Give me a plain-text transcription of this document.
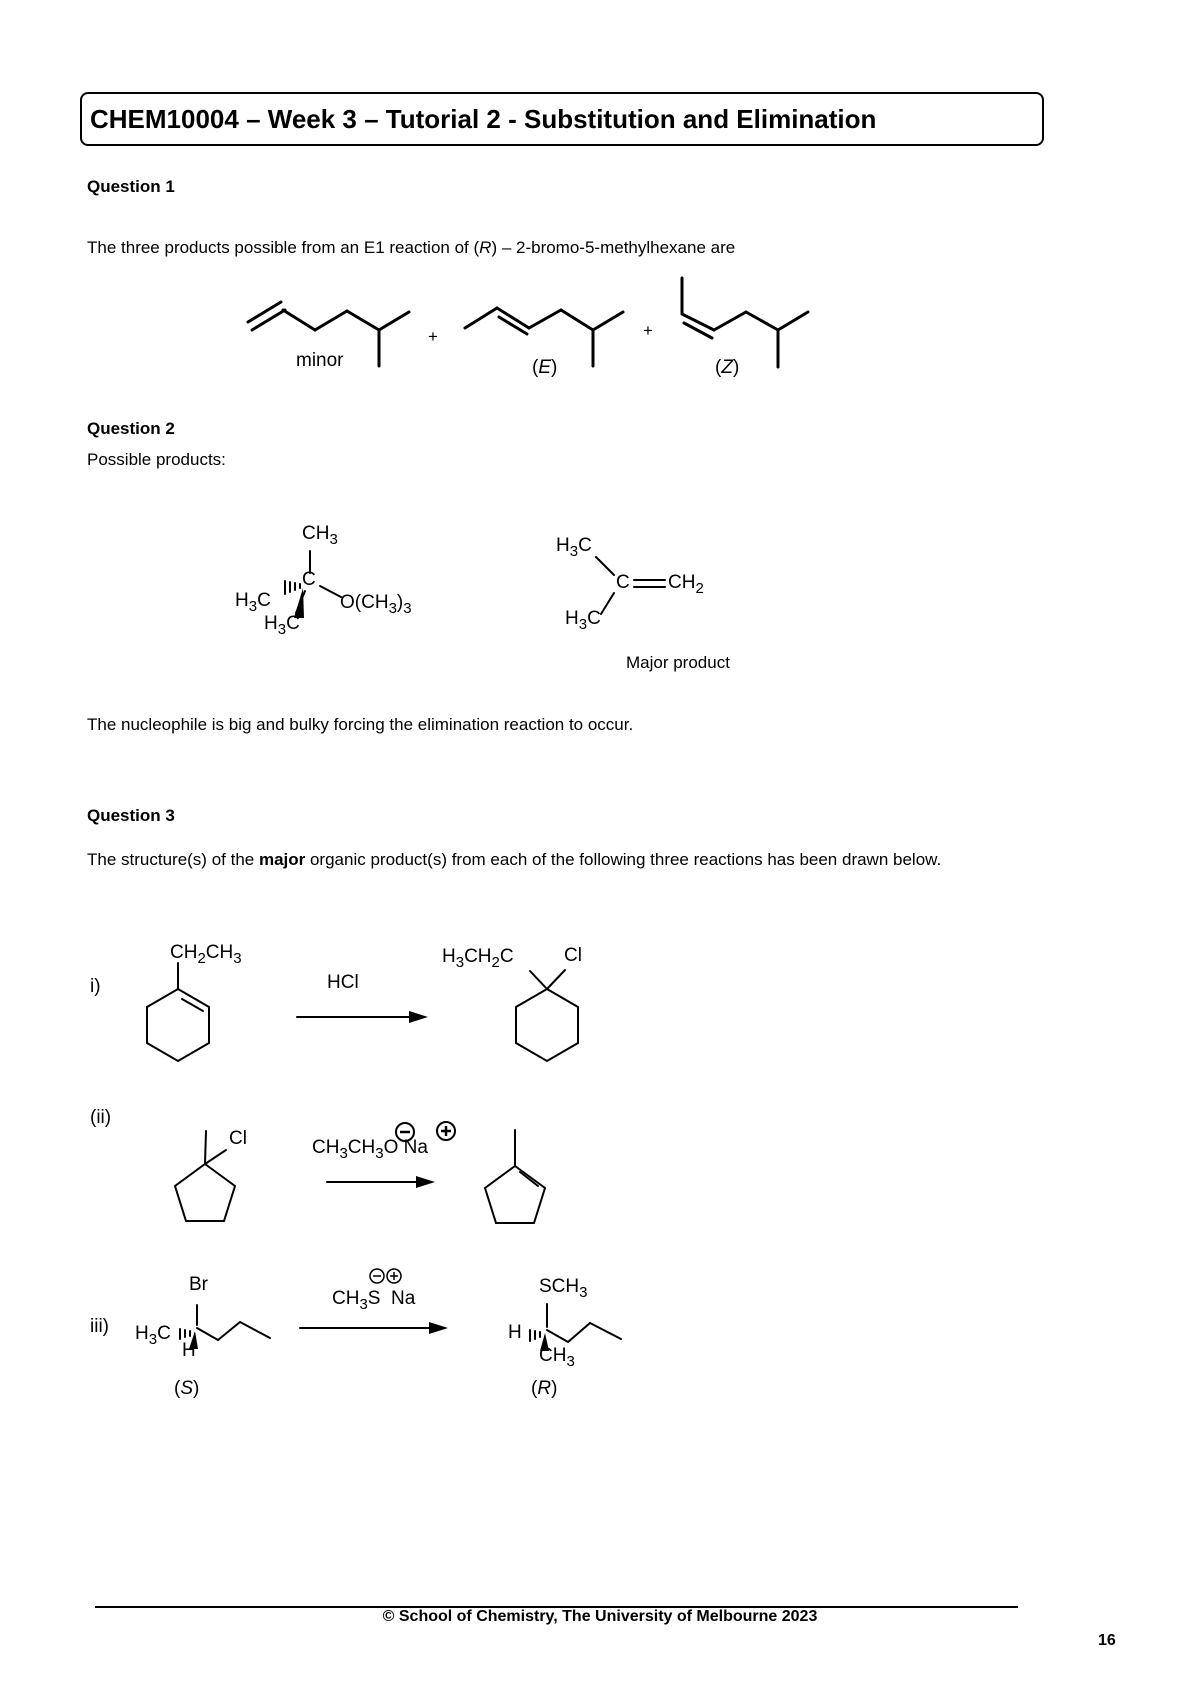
CHEM10004 – Week 3 – Tutorial 2 - Substitution and Elimination
Question 1
The three products possible from an E1 reaction of (R) – 2-bromo-5-methylhexane are
minor
+	+
(E)	(Z)
Question 2
Possible products:
$CH_3$
C
$H_3C$
$H_3C$
$O(CH_3)_3$
$H_3C$
C $CH_2$
$H_3C$
Major product
The nucleophile is big and bulky forcing the elimination reaction to occur.
Question 3
The structure(s) of the major organic product(s) from each of the following three reactions has been drawn below.
i)
$CH_2CH_3$
HCl
$H_3CH_2C$	Cl
(ii)
Cl	$CH_3CH_3O$ Na
iii)
Br
$H_3C$
H
$CH_3S$  Na
$SCH_3$
H
$CH_3$
(S)	(R)
© School of Chemistry, The University of Melbourne 2023
16
